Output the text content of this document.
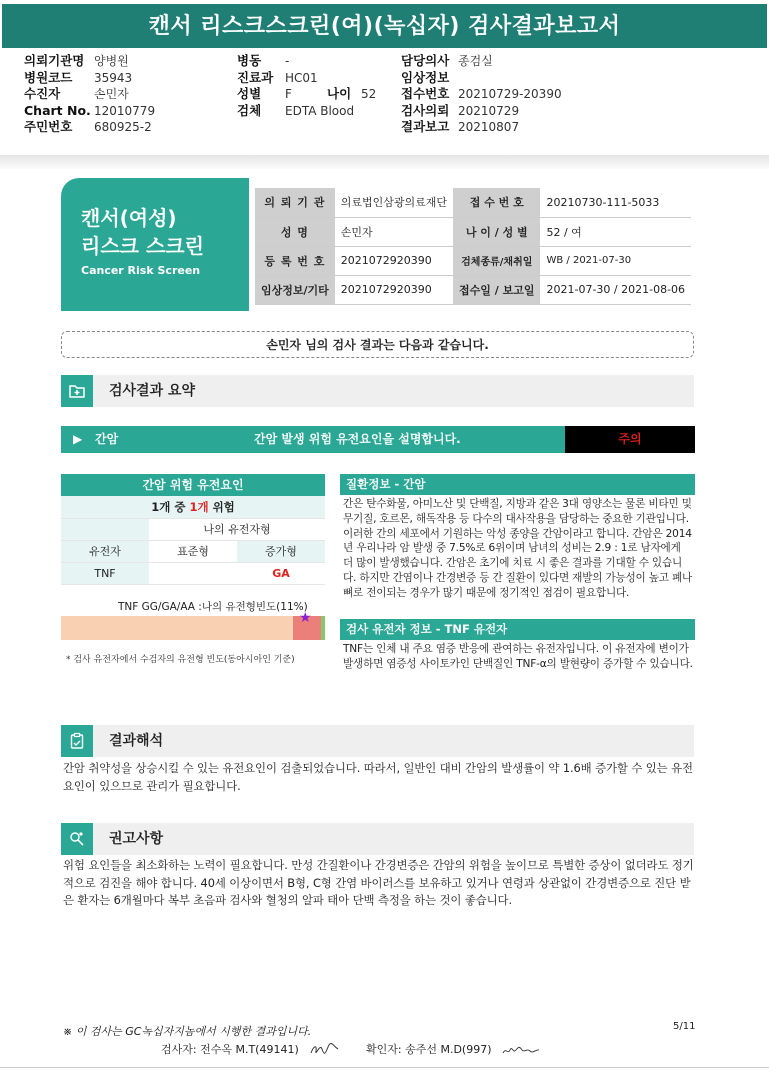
캔서 리스크스크린(여)(녹십자) 검사결과보고서
의뢰기관명 양병원
병원코드 35943
수진자	손민자
Chart No. 12010779
주민번호 680925-2
병동 -
진료과 HC01
성별 F	나이 52
검체 EDTA Blood
담당의사 종검실
임상정보
접수번호 20210729-20390
검사의뢰 20210729
결과보고 20210807
캔서(여성)
리스크 스크린
Cancer Risk Screen
의 뢰 기 관	의료법인삼광의료재단	접 수 번 호	20210730-111-5033
성 명	손민자	나 이 / 성 별	52 / 여
등 록 번 호	2021072920390	검체종류/채취일	WB / 2021-07-30
임상정보/기타	2021072920390	접수일 / 보고일	2021-07-30 / 2021-08-06
손민자 님의 검사 결과는 다음과 같습니다.
검사결과 요약
▶ 간암	간암 발생 위험 유전요인을 설명합니다.	주의
간암 위험 유전요인
1개 중 1개 위험		
	나의 유전자형	
유전자	표준형	증가형
TNF		GA
TNF GG/GA/AA :나의 유전형빈도(11%)
★
* 검사 유전자에서 수검자의 유전형 빈도(동아시아인 기준)
질환정보 - 간암
간은 탄수화물, 아미노산 및 단백질, 지방과 같은 3대 영양소는 물론 비타민 및 무기질, 호르몬, 해독작용 등 다수의 대사작용을 담당하는 중요한 기관입니다. 이러한 간의 세포에서 기원하는 악성 종양을 간암이라고 합니다. 간암은 2014년 우리나라 암 발생 중 7.5%로 6위이며 남녀의 성비는 2.9 : 1로 남자에게 더 많이 발생했습니다. 간암은 초기에 치료 시 좋은 결과를 기대할 수 있습니다. 하지만 간염이나 간경변증 등 간 질환이 있다면 재발의 가능성이 높고 폐나 뼈로 전이되는 경우가 많기 때문에 정기적인 점검이 필요합니다.
검사 유전자 정보 - TNF 유전자
TNF는 인체 내 주요 염증 반응에 관여하는 유전자입니다. 이 유전자에 변이가 발생하면 염증성 사이토카인 단백질인 TNF-α의 발현량이 증가할 수 있습니다.
결과해석
간암 취약성을 상승시킬 수 있는 유전요인이 검출되었습니다. 따라서, 일반인 대비 간암의 발생률이 약 1.6배 증가할 수 있는 유전요인이 있으므로 관리가 필요합니다.
권고사항
위험 요인들을 최소화하는 노력이 필요합니다. 만성 간질환이나 간경변증은 간암의 위험을 높이므로 특별한 증상이 없더라도 정기적으로 검진을 해야 합니다. 40세 이상이면서 B형, C형 간염 바이러스를 보유하고 있거나 연령과 상관없이 간경변증으로 진단 받은 환자는 6개월마다 복부 초음파 검사와 혈청의 알파 태아 단백 측정을 하는 것이 좋습니다.
※ 이 검사는 GC녹십자지놈에서 시행한 결과입니다.	5/11
검사자: 전수옥 M.T(49141)	확인자: 송주선 M.D(997)
